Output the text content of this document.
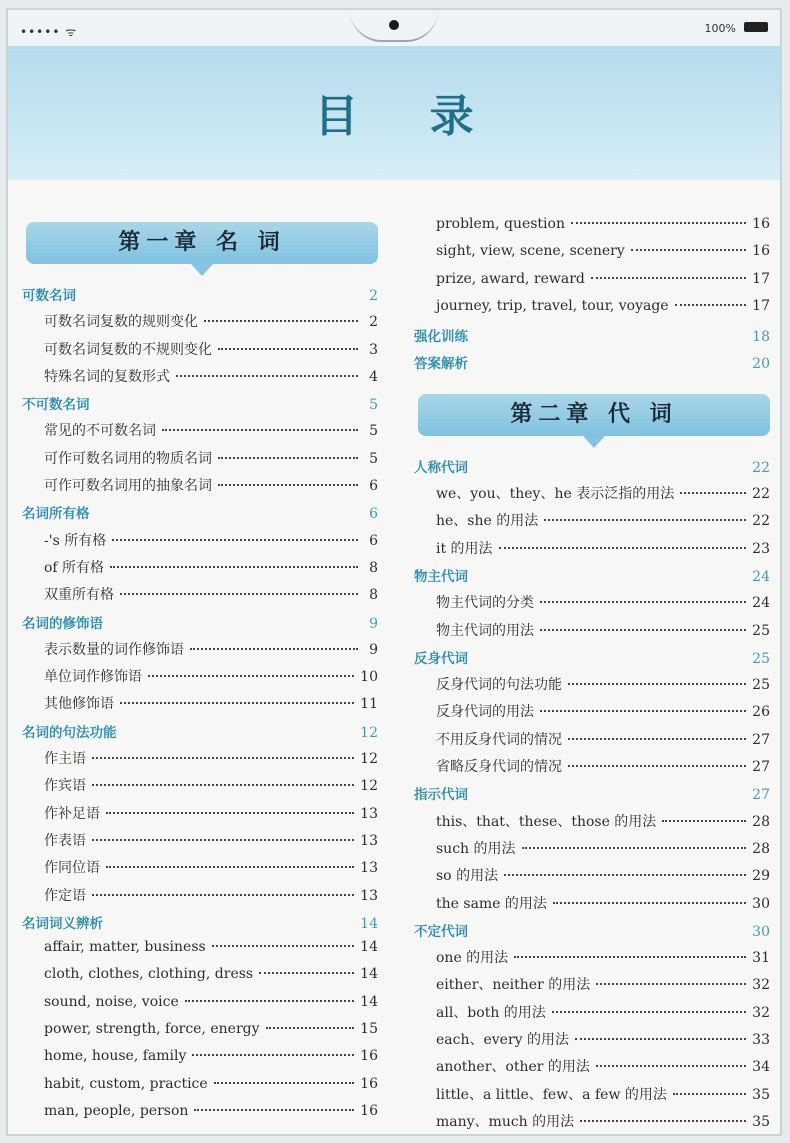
••••• ᯤ	100%
目 录
第一章 名 词
可数名词	2
可数名词复数的规则变化	2
可数名词复数的不规则变化	3
特殊名词的复数形式	4
不可数名词	5
常见的不可数名词	5
可作可数名词用的物质名词	5
可作可数名词用的抽象名词	6
名词所有格	6
-'s 所有格	6
of 所有格	8
双重所有格	8
名词的修饰语	9
表示数量的词作修饰语	9
单位词作修饰语	10
其他修饰语	11
名词的句法功能	12
作主语	12
作宾语	12
作补足语	13
作表语	13
作同位语	13
作定语	13
名词词义辨析	14
affair, matter, business	14
cloth, clothes, clothing, dress	14
sound, noise, voice	14
power, strength, force, energy	15
home, house, family	16
habit, custom, practice	16
man, people, person	16
problem, question	16
sight, view, scene, scenery	16
prize, award, reward	17
journey, trip, travel, tour, voyage	17
强化训练	18
答案解析	20
第二章 代 词
人称代词	22
we、you、they、he 表示泛指的用法	22
he、she 的用法	22
it 的用法	23
物主代词	24
物主代词的分类	24
物主代词的用法	25
反身代词	25
反身代词的句法功能	25
反身代词的用法	26
不用反身代词的情况	27
省略反身代词的情况	27
指示代词	27
this、that、these、those 的用法	28
such 的用法	28
so 的用法	29
the same 的用法	30
不定代词	30
one 的用法	31
either、neither 的用法	32
all、both 的用法	32
each、every 的用法	33
another、other 的用法	34
little、a little、few、a few 的用法	35
many、much 的用法	35
